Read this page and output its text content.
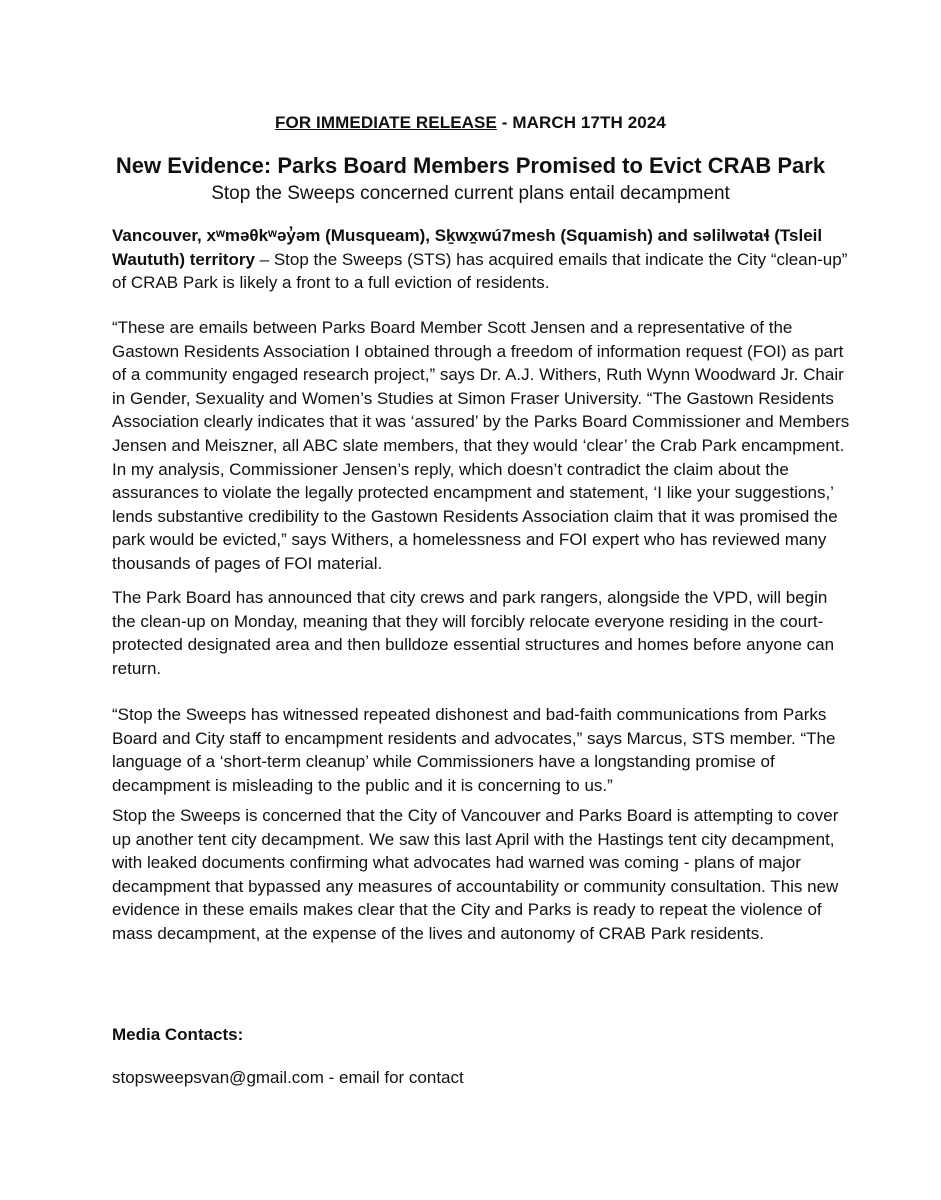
FOR IMMEDIATE RELEASE - MARCH 17TH 2024
New Evidence: Parks Board Members Promised to Evict CRAB Park
Stop the Sweeps concerned current plans entail decampment

Vancouver, xʷməθkʷəy̓əm (Musqueam), Sḵwx̱wú7mesh (Squamish) and səlilwətaɬ (Tsleil Waututh) territory – Stop the Sweeps (STS) has acquired emails that indicate the City “clean-up” of CRAB Park is likely a front to a full eviction of residents.

“These are emails between Parks Board Member Scott Jensen and a representative of the Gastown Residents Association I obtained through a freedom of information request (FOI) as part of a community engaged research project,” says Dr. A.J. Withers, Ruth Wynn Woodward Jr. Chair in Gender, Sexuality and Women’s Studies at Simon Fraser University. “The Gastown Residents Association clearly indicates that it was ‘assured’ by the Parks Board Commissioner and Members Jensen and Meiszner, all ABC slate members, that they would ‘clear’ the Crab Park encampment. In my analysis, Commissioner Jensen’s reply, which doesn’t contradict the claim about the assurances to violate the legally protected encampment and statement, ‘I like your suggestions,’ lends substantive credibility to the Gastown Residents Association claim that it was promised the park would be evicted,” says Withers, a homelessness and FOI expert who has reviewed many thousands of pages of FOI material.

The Park Board has announced that city crews and park rangers, alongside the VPD, will begin the clean-up on Monday, meaning that they will forcibly relocate everyone residing in the court-protected designated area and then bulldoze essential structures and homes before anyone can return.

“Stop the Sweeps has witnessed repeated dishonest and bad-faith communications from Parks Board and City staff to encampment residents and advocates,” says Marcus, STS member. “The language of a ‘short-term cleanup’ while Commissioners have a longstanding promise of decampment is misleading to the public and it is concerning to us.”

Stop the Sweeps is concerned that the City of Vancouver and Parks Board is attempting to cover up another tent city decampment. We saw this last April with the Hastings tent city decampment, with leaked documents confirming what advocates had warned was coming - plans of major decampment that bypassed any measures of accountability or community consultation. This new evidence in these emails makes clear that the City and Parks is ready to repeat the violence of mass decampment, at the expense of the lives and autonomy of CRAB Park residents.

Media Contacts:
stopsweepsvan@gmail.com - email for contact
